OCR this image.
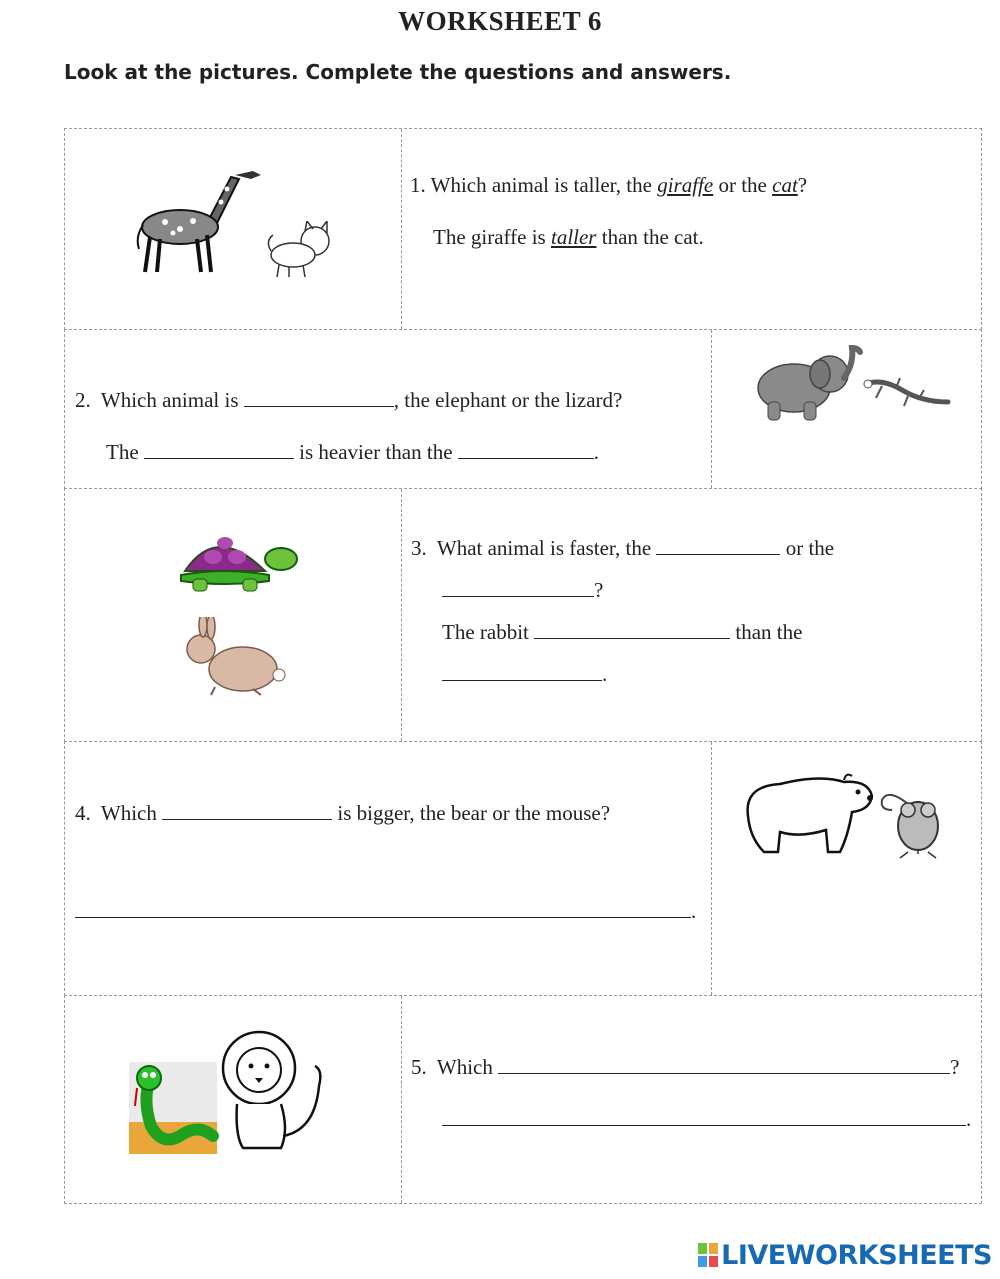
WORKSHEET 6
Look at the pictures. Complete the questions and answers.
1. Which animal is taller, the giraffe or the cat?
The giraffe is taller than the cat.
2. Which animal is	, the elephant or the lizard?
The	is heavier than the	.
3. What animal is faster, the	or the
?
The rabbit	than the
.
4. Which	is bigger, the bear or the mouse?
.
5. Which	?
.
LIVEWORKSHEETS
